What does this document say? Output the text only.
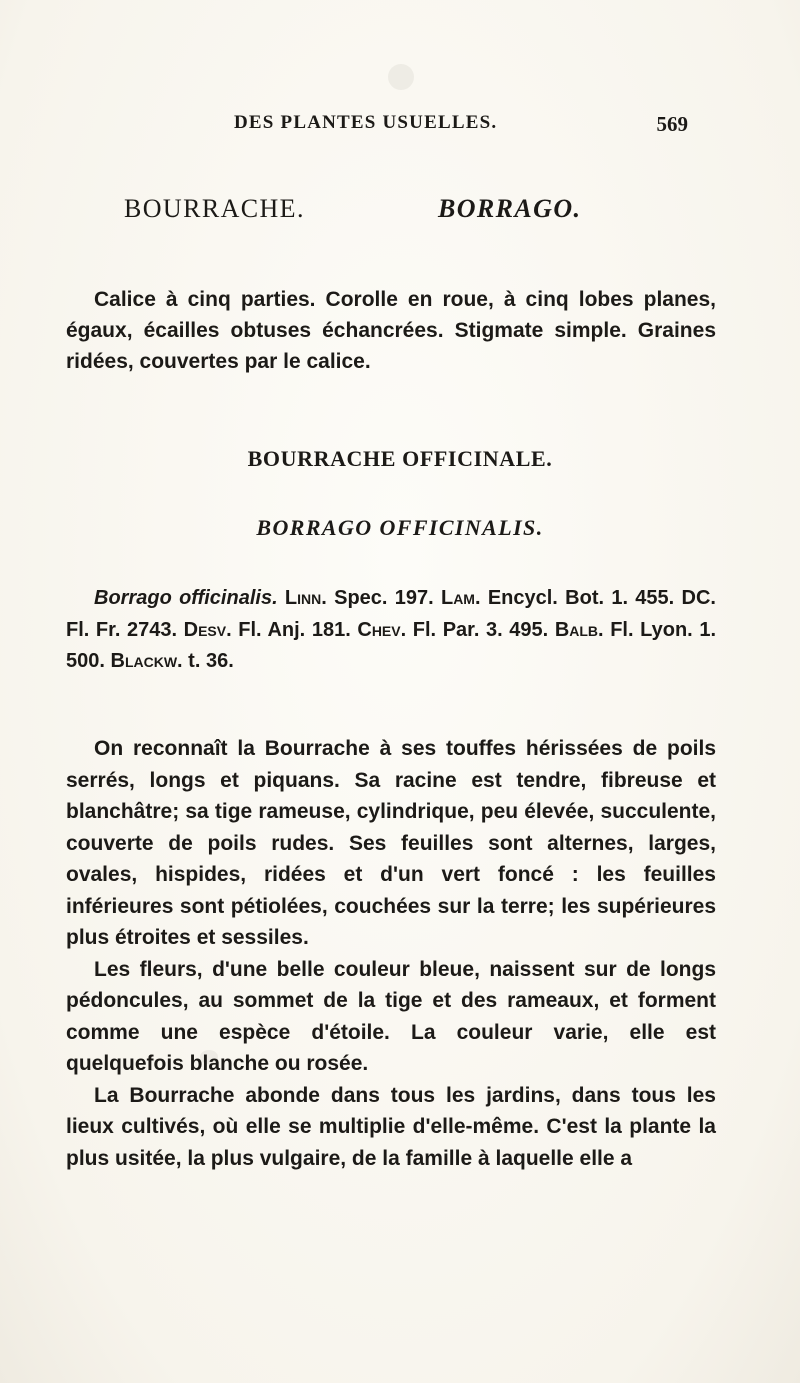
DES PLANTES USUELLES.	569
BOURRACHE.	BORRAGO.

Calice à cinq parties. Corolle en roue, à cinq lobes planes, égaux, écailles obtuses échancrées. Stigmate simple. Graines ridées, couvertes par le calice.

BOURRACHE OFFICINALE.

BORRAGO OFFICINALIS.

Borrago officinalis. Linn. Spec. 197. Lam. Encycl. Bot. 1. 455. DC. Fl. Fr. 2743. Desv. Fl. Anj. 181. Chev. Fl. Par. 3. 495. Balb. Fl. Lyon. 1. 500. Blackw. t. 36.

On reconnaît la Bourrache à ses touffes hérissées de poils serrés, longs et piquans. Sa racine est tendre, fibreuse et blanchâtre; sa tige rameuse, cylindrique, peu élevée, succulente, couverte de poils rudes. Ses feuilles sont alternes, larges, ovales, hispides, ridées et d'un vert foncé : les feuilles inférieures sont pétiolées, couchées sur la terre; les supérieures plus étroites et sessiles.

Les fleurs, d'une belle couleur bleue, naissent sur de longs pédoncules, au sommet de la tige et des rameaux, et forment comme une espèce d'étoile. La couleur varie, elle est quelquefois blanche ou rosée.

La Bourrache abonde dans tous les jardins, dans tous les lieux cultivés, où elle se multiplie d'elle-même. C'est la plante la plus usitée, la plus vulgaire, de la famille à laquelle elle a
